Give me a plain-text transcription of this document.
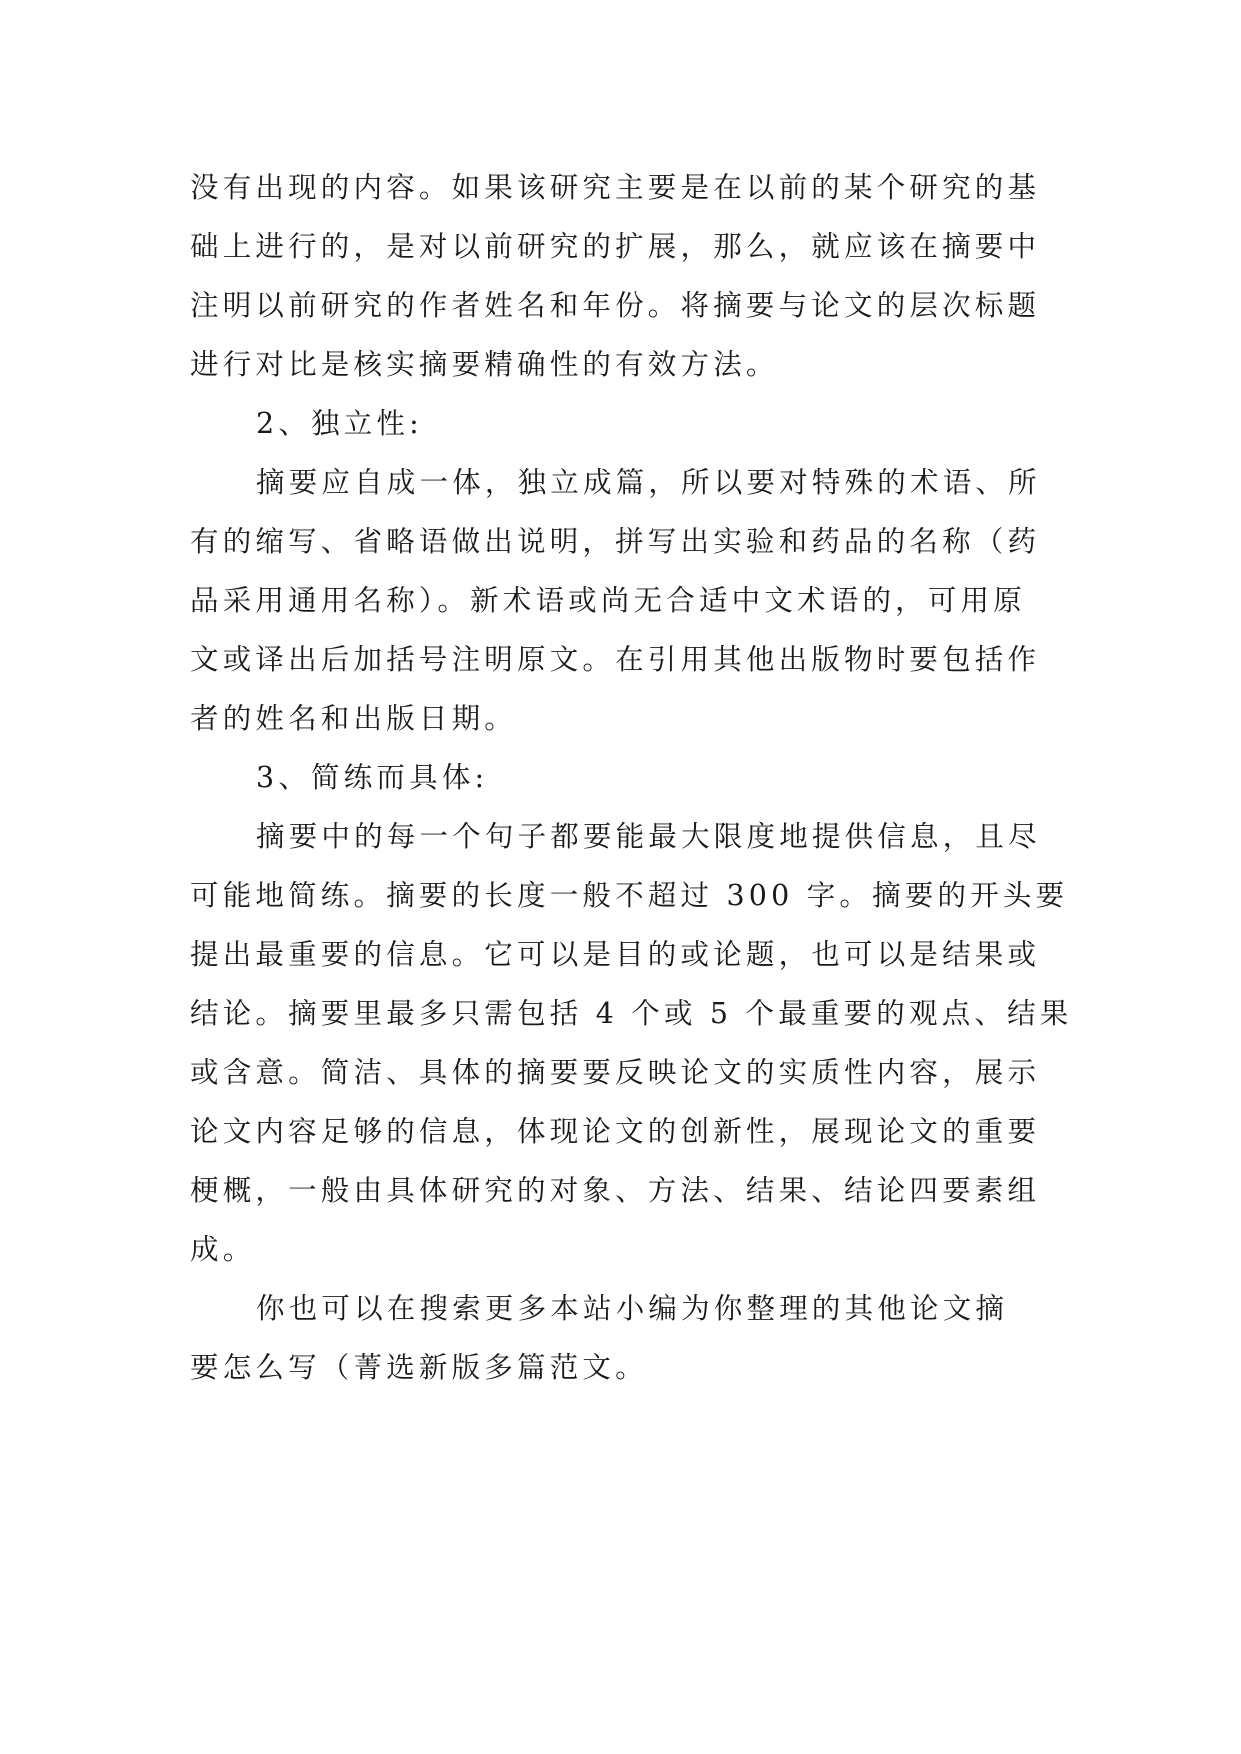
没有出现的内容。如果该研究主要是在以前的某个研究的基
础上进行的，是对以前研究的扩展，那么，就应该在摘要中
注明以前研究的作者姓名和年份。将摘要与论文的层次标题
进行对比是核实摘要精确性的有效方法。
2、独立性:
摘要应自成一体，独立成篇，所以要对特殊的术语、所
有的缩写、省略语做出说明，拼写出实验和药品的名称（药
品采用通用名称）。新术语或尚无合适中文术语的，可用原
文或译出后加括号注明原文。在引用其他出版物时要包括作
者的姓名和出版日期。
3、简练而具体:
摘要中的每一个句子都要能最大限度地提供信息，且尽
可能地简练。摘要的长度一般不超过 300 字。摘要的开头要
提出最重要的信息。它可以是目的或论题，也可以是结果或
结论。摘要里最多只需包括 4 个或 5 个最重要的观点、结果
或含意。简洁、具体的摘要要反映论文的实质性内容，展示
论文内容足够的信息，体现论文的创新性，展现论文的重要
梗概，一般由具体研究的对象、方法、结果、结论四要素组
成。
你也可以在搜索更多本站小编为你整理的其他论文摘
要怎么写（菁选新版多篇范文。
